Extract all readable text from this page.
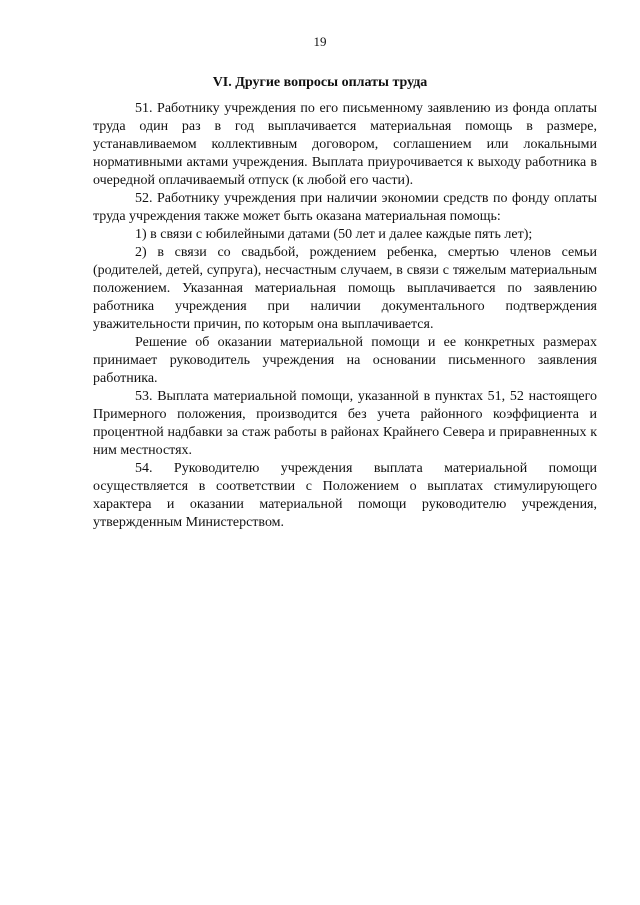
19
VI. Другие вопросы оплаты труда

51. Работнику учреждения по его письменному заявлению из фонда оплаты труда один раз в год выплачивается материальная помощь в размере, устанавливаемом коллективным договором, соглашением или локальными нормативными актами учреждения. Выплата приурочивается к выходу работника в очередной оплачиваемый отпуск (к любой его части).

52. Работнику учреждения при наличии экономии средств по фонду оплаты труда учреждения также может быть оказана материальная помощь:

1) в связи с юбилейными датами (50 лет и далее каждые пять лет);

2) в связи со свадьбой, рождением ребенка, смертью членов семьи (родителей, детей, супруга), несчастным случаем, в связи с тяжелым материальным положением. Указанная материальная помощь выплачивается по заявлению работника учреждения при наличии документального подтверждения уважительности причин, по которым она выплачивается.

Решение об оказании материальной помощи и ее конкретных размерах принимает руководитель учреждения на основании письменного заявления работника.

53. Выплата материальной помощи, указанной в пунктах 51, 52 настоящего Примерного положения, производится без учета районного коэффициента и процентной надбавки за стаж работы в районах Крайнего Севера и приравненных к ним местностях.

54. Руководителю учреждения выплата материальной помощи осуществляется в соответствии с Положением о выплатах стимулирующего характера и оказании материальной помощи руководителю учреждения, утвержденным Министерством.
